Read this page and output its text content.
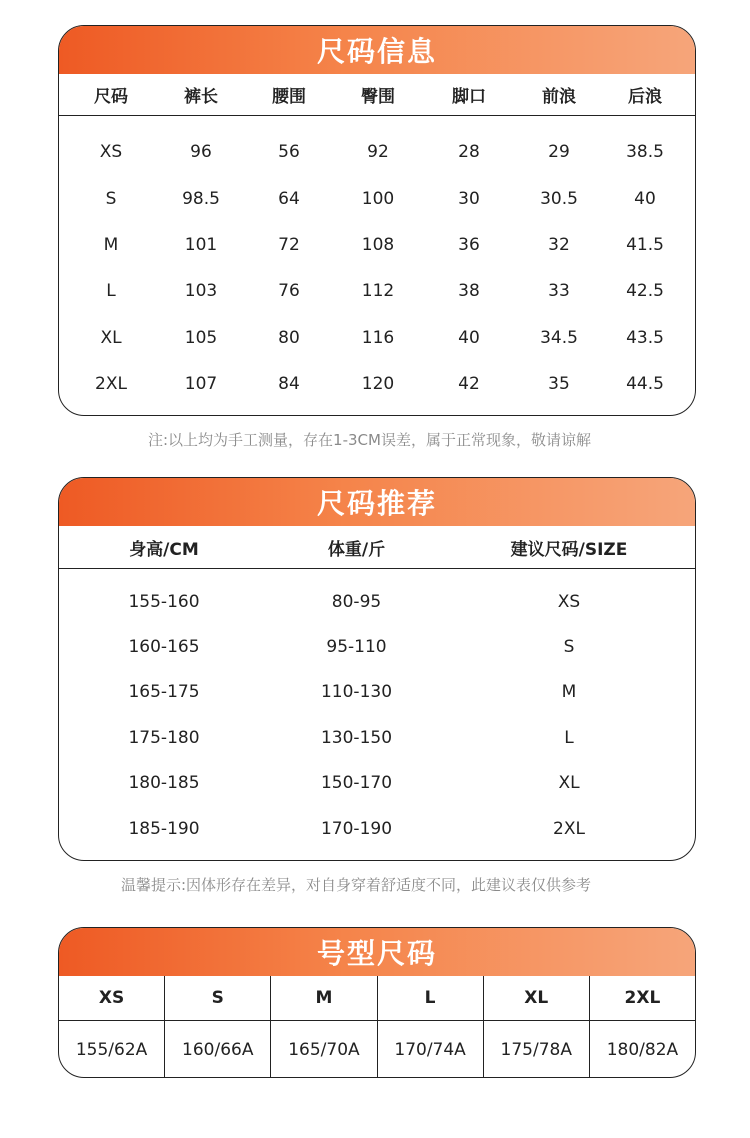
尺码信息
尺码	裤长	腰围	臀围	脚口	前浪	后浪
XS	96	56	92	28	29	38.5
S	98.5	64	100	30	30.5	40
M	101	72	108	36	32	41.5
L	103	76	112	38	33	42.5
XL	105	80	116	40	34.5	43.5
2XL	107	84	120	42	35	44.5
注:以上均为手工测量，存在1-3CM误差，属于正常现象，敬请谅解
尺码推荐
身高/CM	体重/斤	建议尺码/SIZE
155-160	80-95	XS
160-165	95-110	S
165-175	110-130	M
175-180	130-150	L
180-185	150-170	XL
185-190	170-190	2XL
温馨提示:因体形存在差异，对自身穿着舒适度不同，此建议表仅供参考
号型尺码
XS	S	M	L	XL	2XL
155/62A	160/66A	165/70A	170/74A	175/78A	180/82A
